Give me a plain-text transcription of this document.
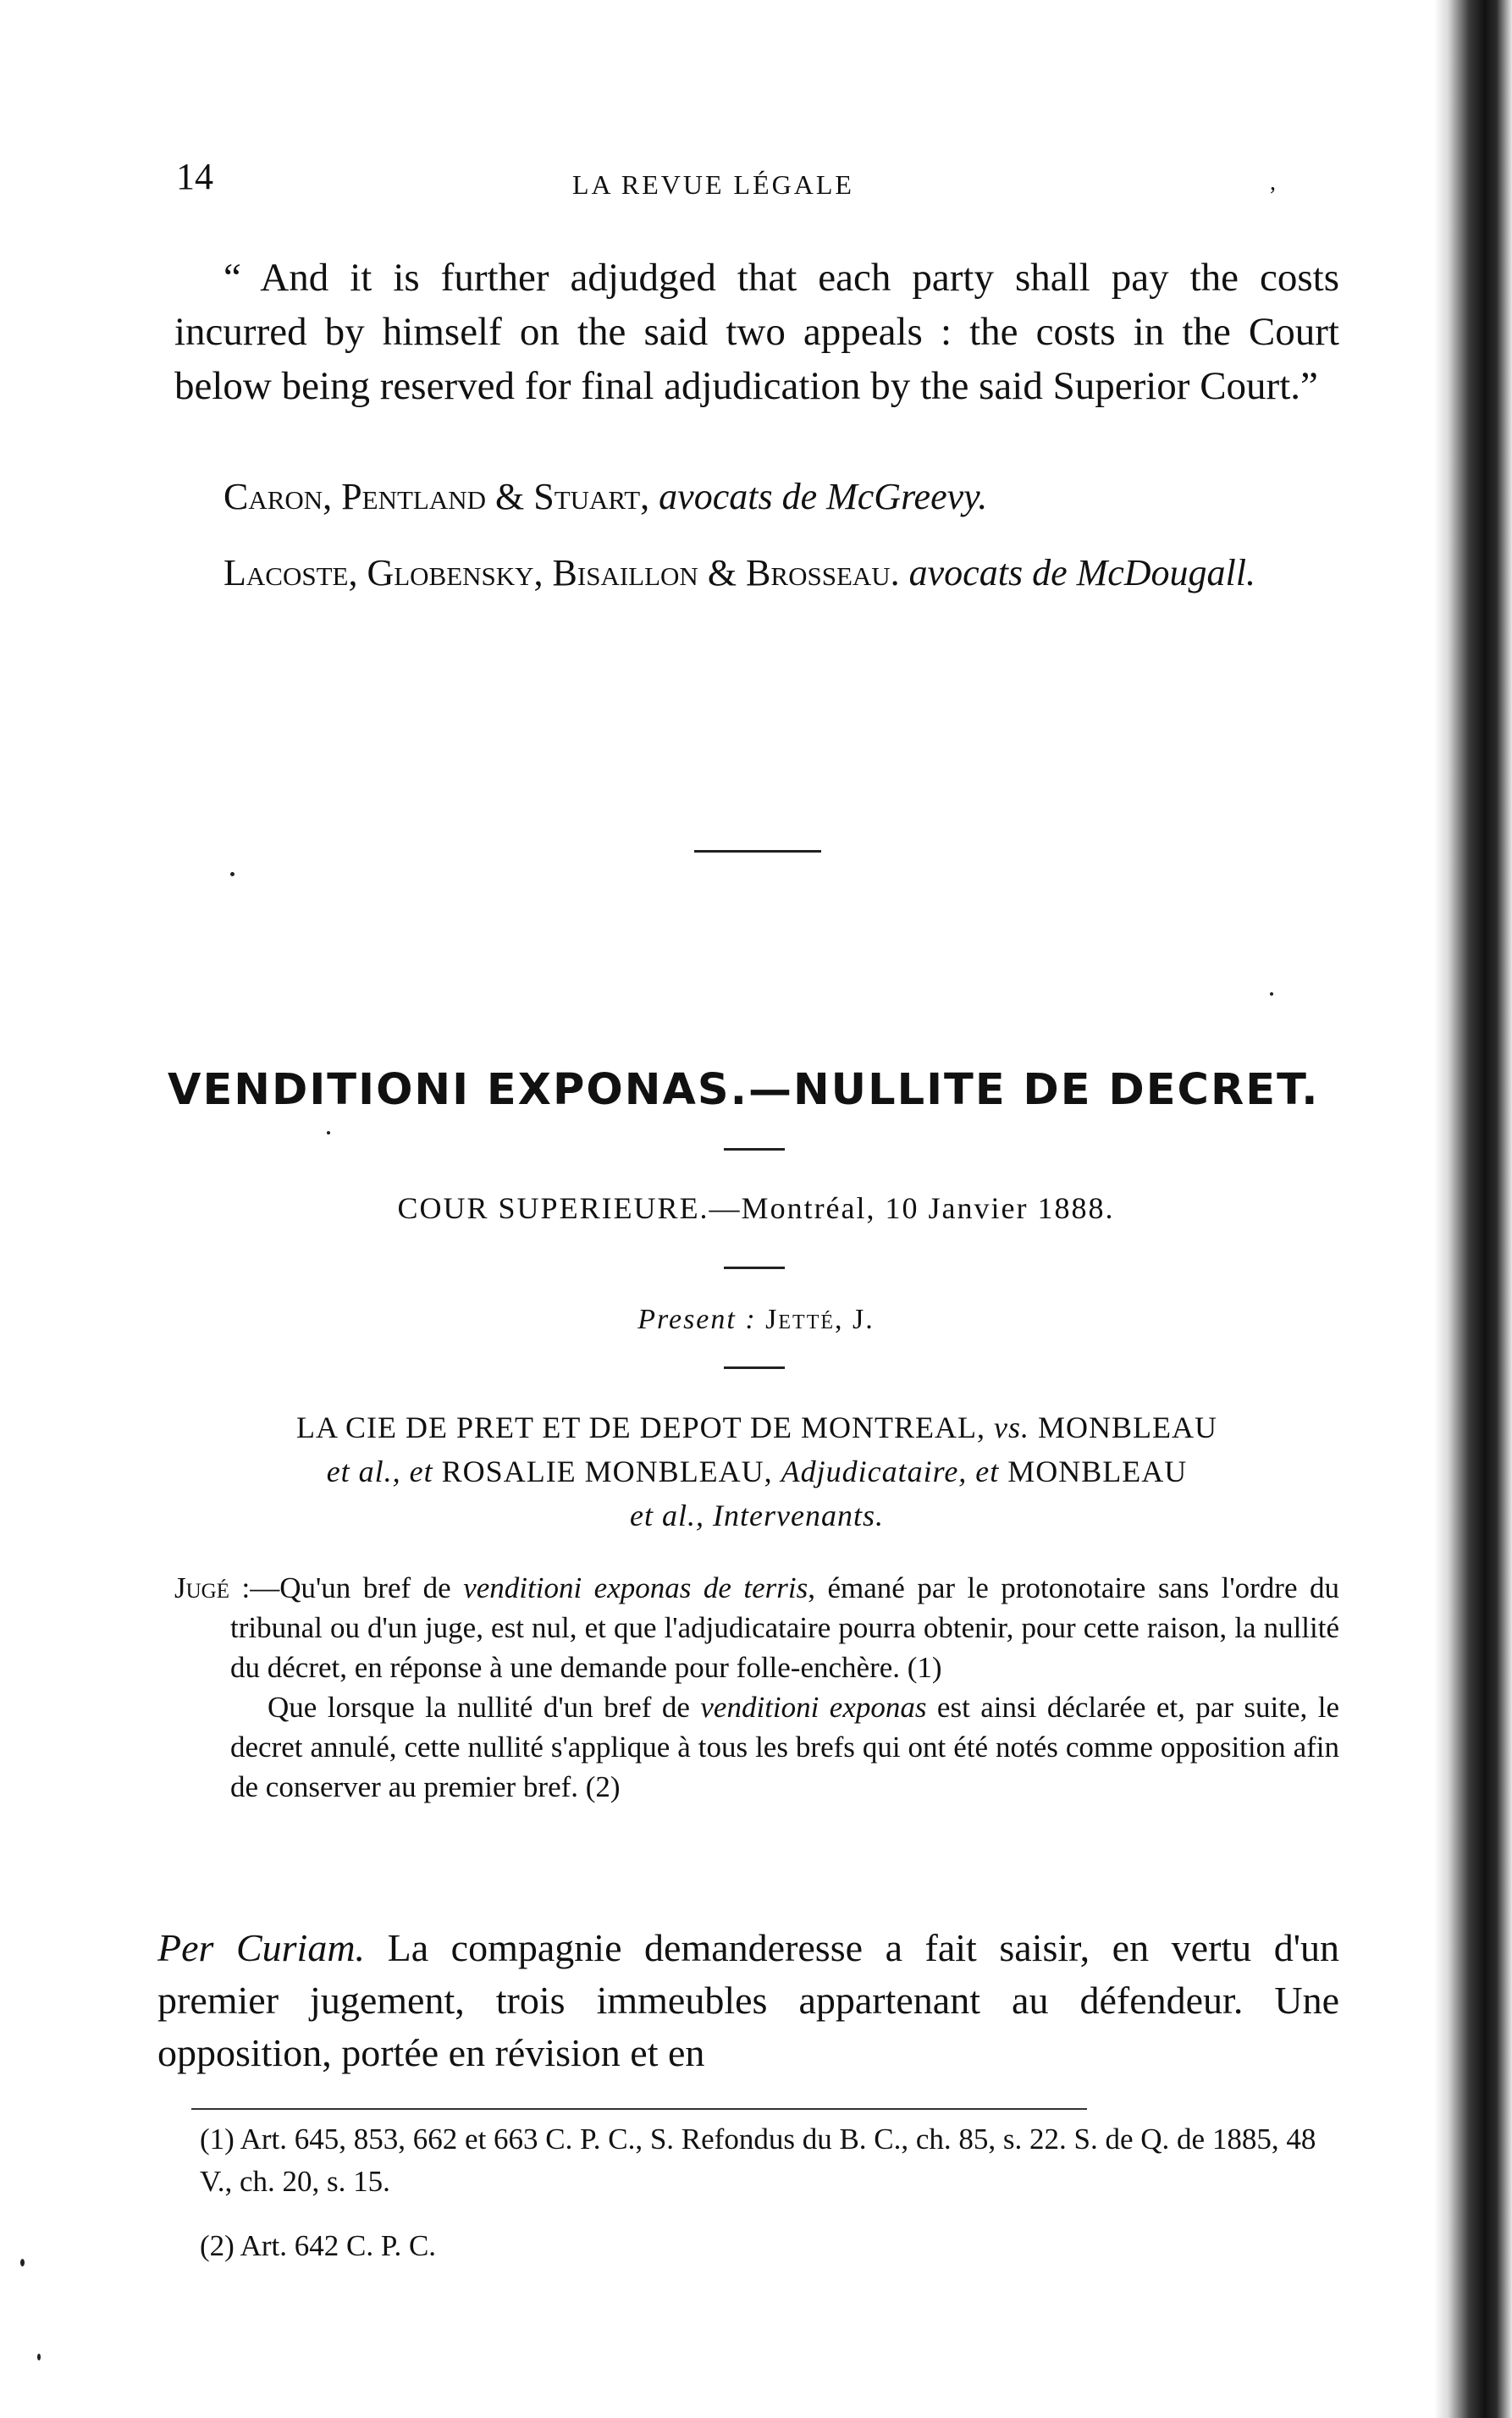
14	LA REVUE LÉGALE	,

“ And it is further adjudged that each party shall pay the costs incurred by himself on the said two appeals : the costs in the Court below being reserved for final adjudication by the said Superior Court.”

Caron, Pentland & Stuart, avocats de McGreevy.
Lacoste, Globensky, Bisaillon & Brosseau. avocats de McDougall.
VENDITIONI EXPONAS.—NULLITE DE DECRET.
COUR SUPERIEURE.—Montréal, 10 Janvier 1888.
Present : Jetté, J.
LA CIE DE PRET ET DE DEPOT DE MONTREAL, vs. MONBLEAU
et al., et ROSALIE MONBLEAU, Adjudicataire, et MONBLEAU
et al., Intervenants.

Jugé :—Qu'un bref de venditioni exponas de terris, émané par le protonotaire sans l'ordre du tribunal ou d'un juge, est nul, et que l'adjudicataire pourra obtenir, pour cette raison, la nullité du décret, en réponse à une demande pour folle-enchère. (1)

Que lorsque la nullité d'un bref de venditioni exponas est ainsi déclarée et, par suite, le decret annulé, cette nullité s'applique à tous les brefs qui ont été notés comme opposition afin de conserver au premier bref. (2)

Per Curiam. La compagnie demanderesse a fait saisir, en vertu d'un premier jugement, trois immeubles appartenant au défendeur. Une opposition, portée en révision et en

(1) Art. 645, 853, 662 et 663 C. P. C., S. Refondus du B. C., ch. 85, s. 22. S. de Q. de 1885, 48 V., ch. 20, s. 15.
(2) Art. 642 C. P. C.
